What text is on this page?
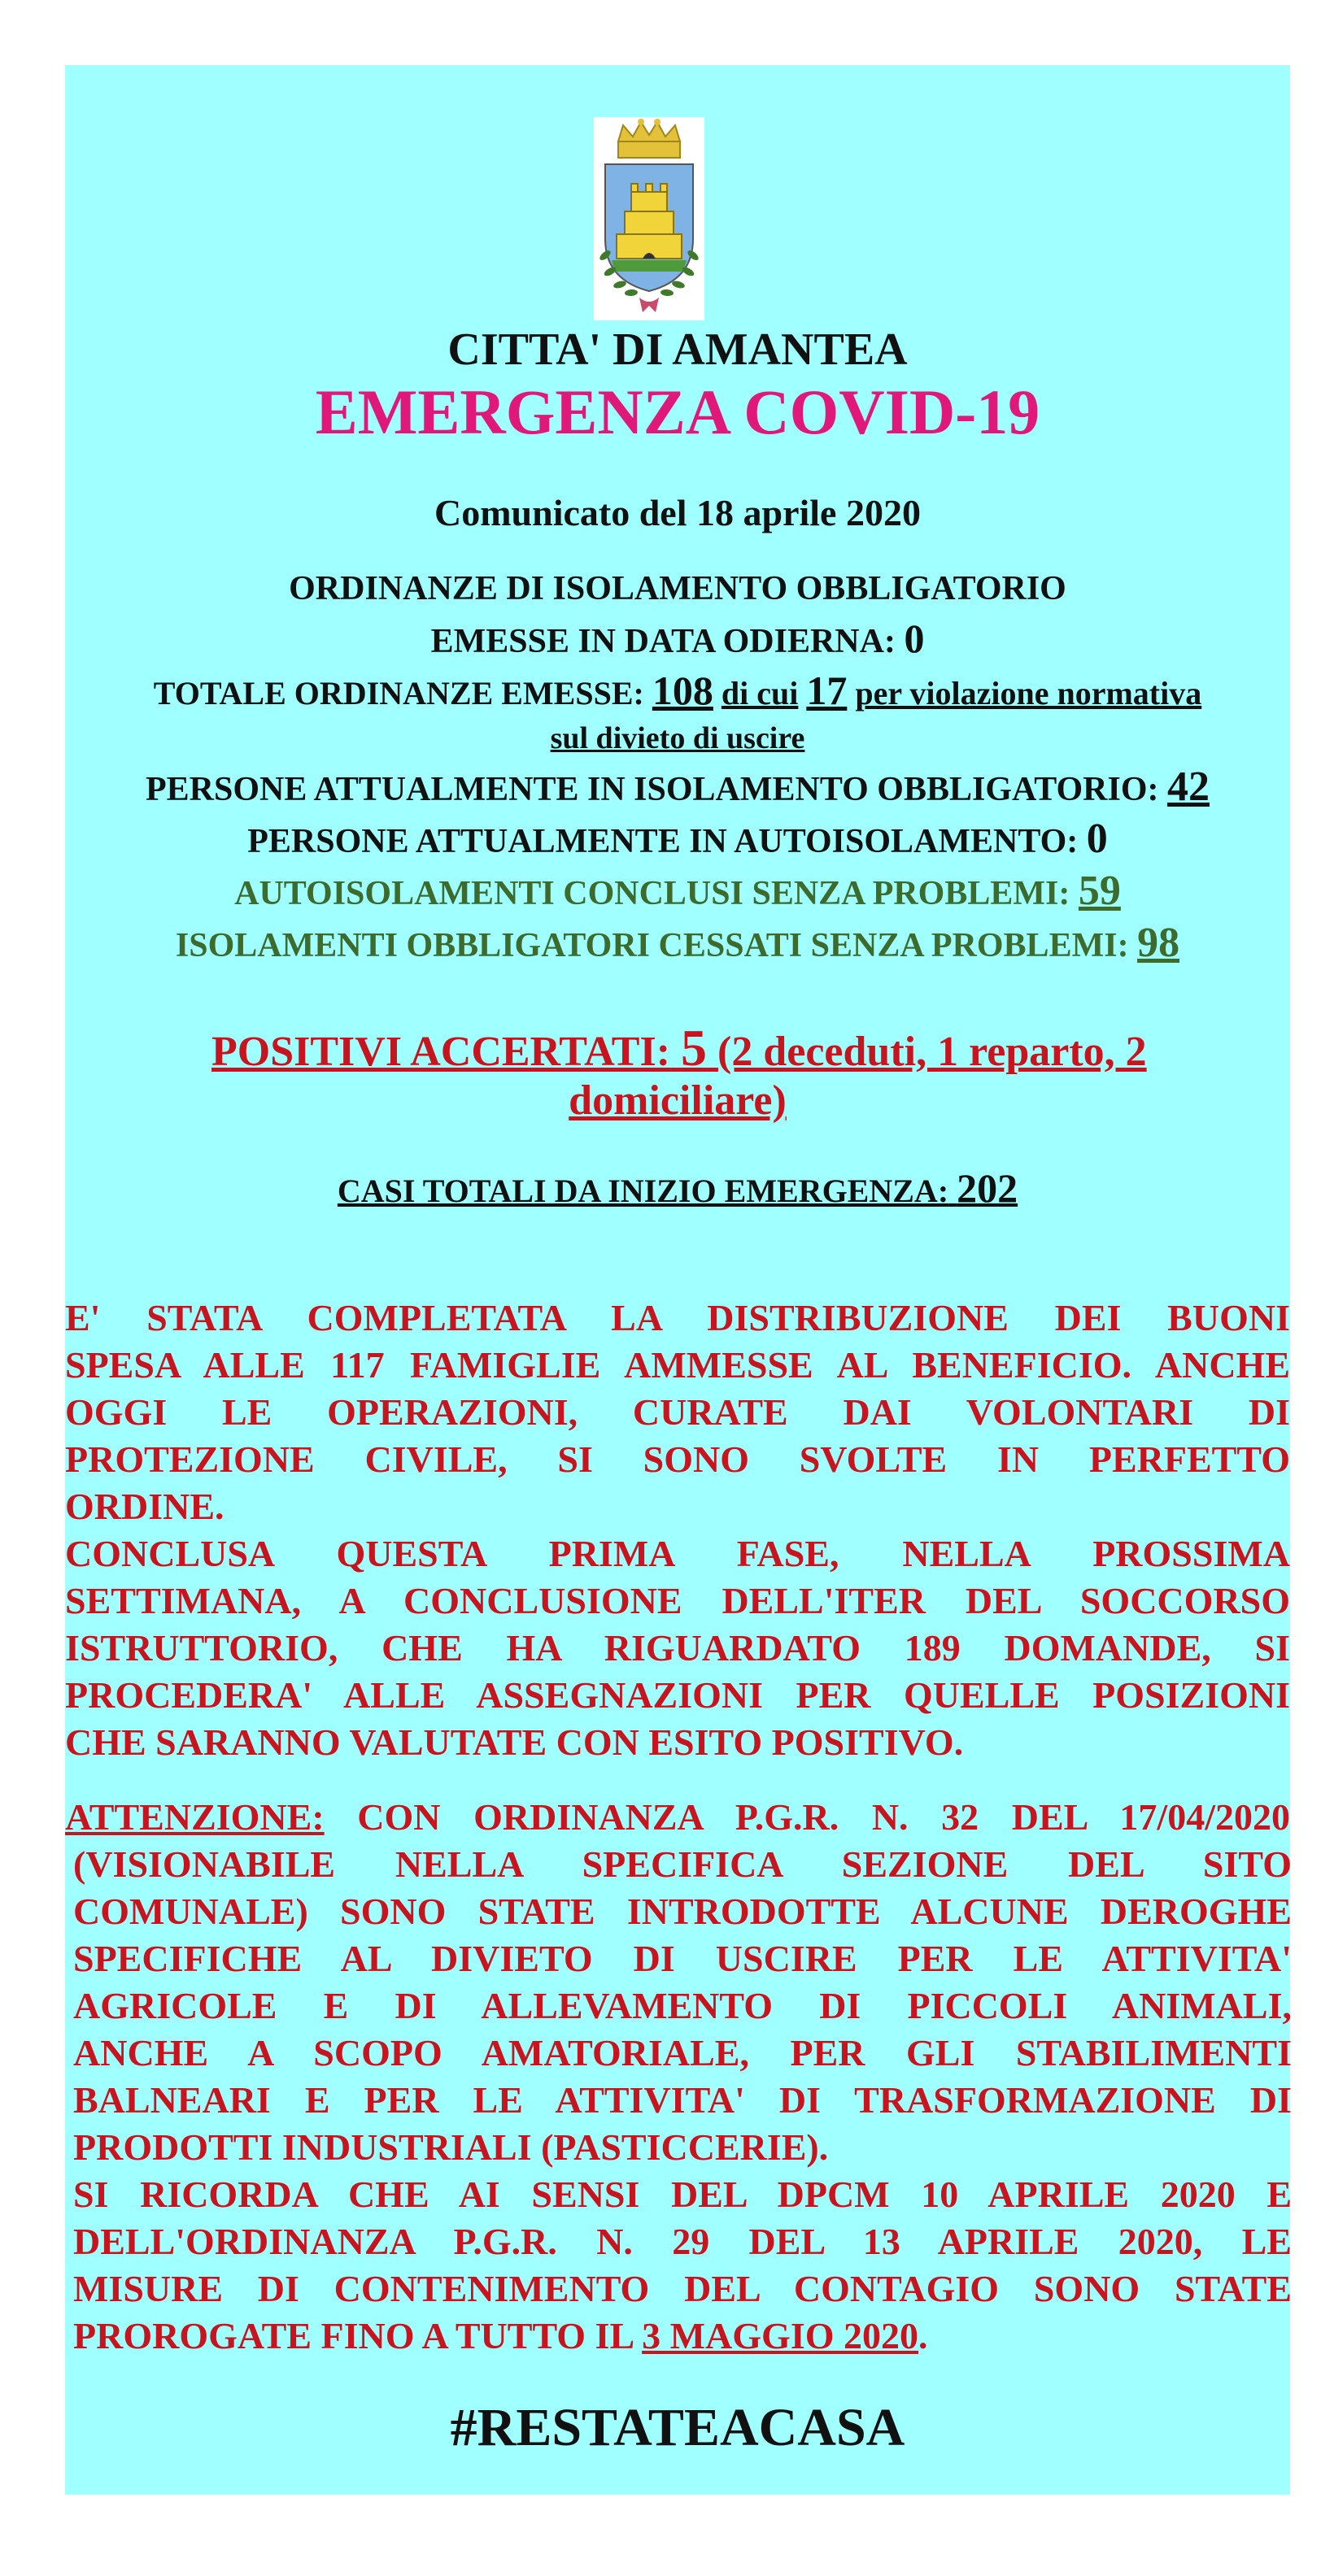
CITTA' DI AMANTEA
EMERGENZA COVID-19
Comunicato del 18 aprile 2020
ORDINANZE DI ISOLAMENTO OBBLIGATORIO
EMESSE IN DATA ODIERNA: 0
TOTALE ORDINANZE EMESSE: 108 di cui 17 per violazione normativa
sul divieto di uscire
PERSONE ATTUALMENTE IN ISOLAMENTO OBBLIGATORIO: 42
PERSONE ATTUALMENTE IN AUTOISOLAMENTO: 0
AUTOISOLAMENTI CONCLUSI SENZA PROBLEMI: 59
ISOLAMENTI OBBLIGATORI CESSATI SENZA PROBLEMI: 98
POSITIVI ACCERTATI: 5 (2 deceduti, 1 reparto, 2
domiciliare)
CASI TOTALI DA INIZIO EMERGENZA: 202
E' STATA COMPLETATA LA DISTRIBUZIONE DEI BUONI
SPESA ALLE 117 FAMIGLIE AMMESSE AL BENEFICIO. ANCHE
OGGI LE OPERAZIONI, CURATE DAI VOLONTARI DI
PROTEZIONE CIVILE, SI SONO SVOLTE IN PERFETTO
ORDINE.
CONCLUSA QUESTA PRIMA FASE, NELLA PROSSIMA
SETTIMANA, A CONCLUSIONE DELL'ITER DEL SOCCORSO
ISTRUTTORIO, CHE HA RIGUARDATO 189 DOMANDE, SI
PROCEDERA' ALLE ASSEGNAZIONI PER QUELLE POSIZIONI
CHE SARANNO VALUTATE CON ESITO POSITIVO.
ATTENZIONE: CON ORDINANZA P.G.R. N. 32 DEL 17/04/2020
(VISIONABILE NELLA SPECIFICA SEZIONE DEL SITO
COMUNALE) SONO STATE INTRODOTTE ALCUNE DEROGHE
SPECIFICHE AL DIVIETO DI USCIRE PER LE ATTIVITA'
AGRICOLE E DI ALLEVAMENTO DI PICCOLI ANIMALI,
ANCHE A SCOPO AMATORIALE, PER GLI STABILIMENTI
BALNEARI E PER LE ATTIVITA' DI TRASFORMAZIONE DI
PRODOTTI INDUSTRIALI (PASTICCERIE).
SI RICORDA CHE AI SENSI DEL DPCM 10 APRILE 2020 E
DELL'ORDINANZA P.G.R. N. 29 DEL 13 APRILE 2020, LE
MISURE DI CONTENIMENTO DEL CONTAGIO SONO STATE
PROROGATE FINO A TUTTO IL 3 MAGGIO 2020.
#RESTATEACASA
